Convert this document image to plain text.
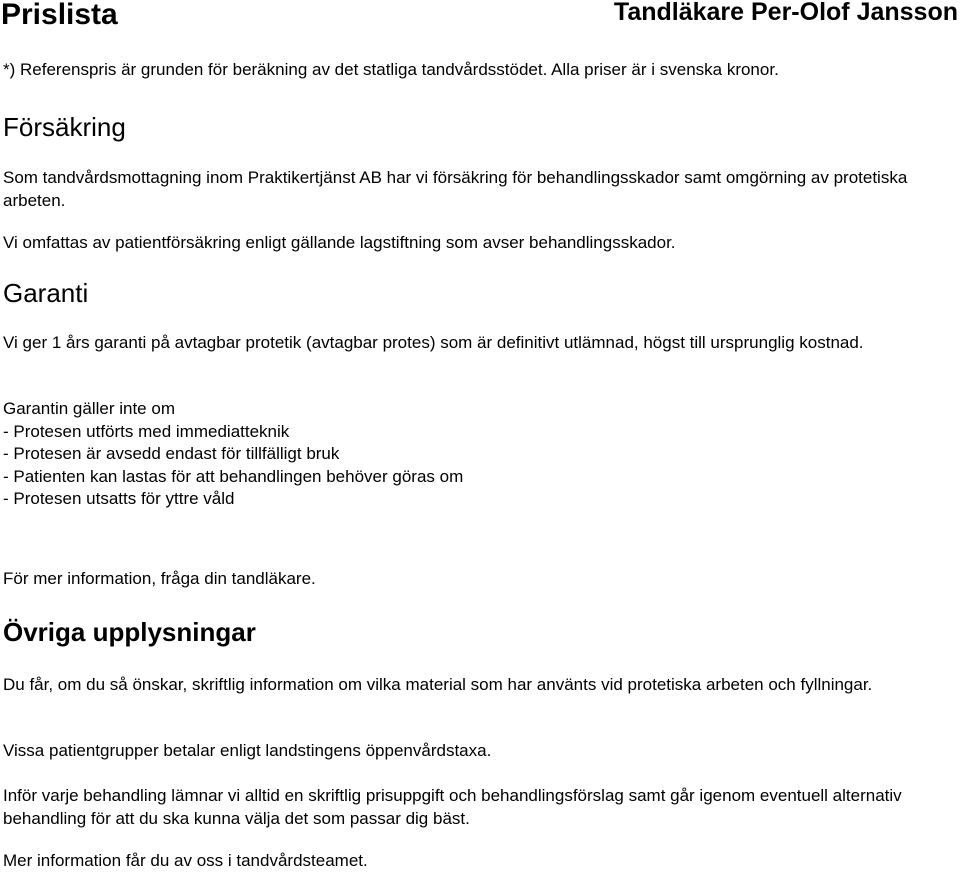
Prislista	Tandläkare Per-Olof Jansson

*) Referenspris är grunden för beräkning av det statliga tandvårdsstödet. Alla priser är i svenska kronor.

Försäkring

Som tandvårdsmottagning inom Praktikertjänst AB har vi försäkring för behandlingsskador samt omgörning av protetiska arbeten.

Vi omfattas av patientförsäkring enligt gällande lagstiftning som avser behandlingsskador.

Garanti

Vi ger 1 års garanti på avtagbar protetik (avtagbar protes) som är definitivt utlämnad, högst till ursprunglig kostnad.

Garantin gäller inte om

- Protesen utförts med immediatteknik
- Protesen är avsedd endast för tillfälligt bruk
- Patienten kan lastas för att behandlingen behöver göras om
- Protesen utsatts för yttre våld

För mer information, fråga din tandläkare.

Övriga upplysningar

Du får, om du så önskar, skriftlig information om vilka material som har använts vid protetiska arbeten och fyllningar.

Vissa patientgrupper betalar enligt landstingens öppenvårdstaxa.

Inför varje behandling lämnar vi alltid en skriftlig prisuppgift och behandlingsförslag samt går igenom eventuell alternativ behandling för att du ska kunna välja det som passar dig bäst.

Mer information får du av oss i tandvårdsteamet.
